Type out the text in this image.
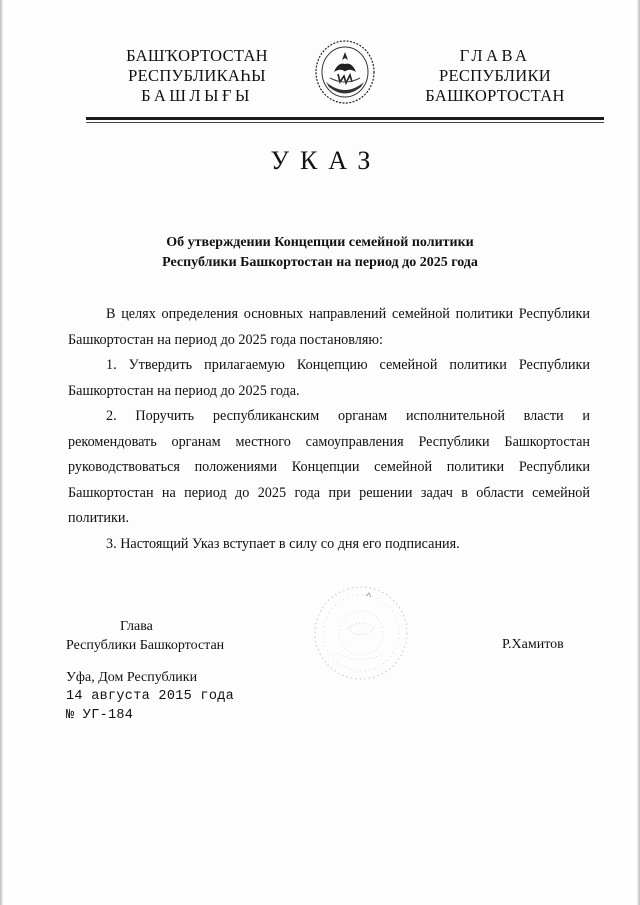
БАШҠОРТОСТАН
РЕСПУБЛИКАҺЫ
БАШЛЫҒЫ
ГЛАВА
РЕСПУБЛИКИ
БАШКОРТОСТАН
УКАЗ
Об утверждении Концепции семейной политики
Республики Башкортостан на период до 2025 года

В целях определения основных направлений семейной политики Республики Башкортостан на период до 2025 года постановляю:

1. Утвердить прилагаемую Концепцию семейной политики Республики Башкортостан на период до 2025 года.

2. Поручить республиканским органам исполнительной власти и рекомендовать органам местного самоуправления Республики Башкортостан руководствоваться положениями Концепции семейной политики Республики Башкортостан на период до 2025 года при решении задач в области семейной политики.

3. Настоящий Указ вступает в силу со дня его подписания.

Глава
Республики Башкортостан	Р.Хамитов
Уфа, Дом Республики
14 августа 2015 года
№ УГ-184
